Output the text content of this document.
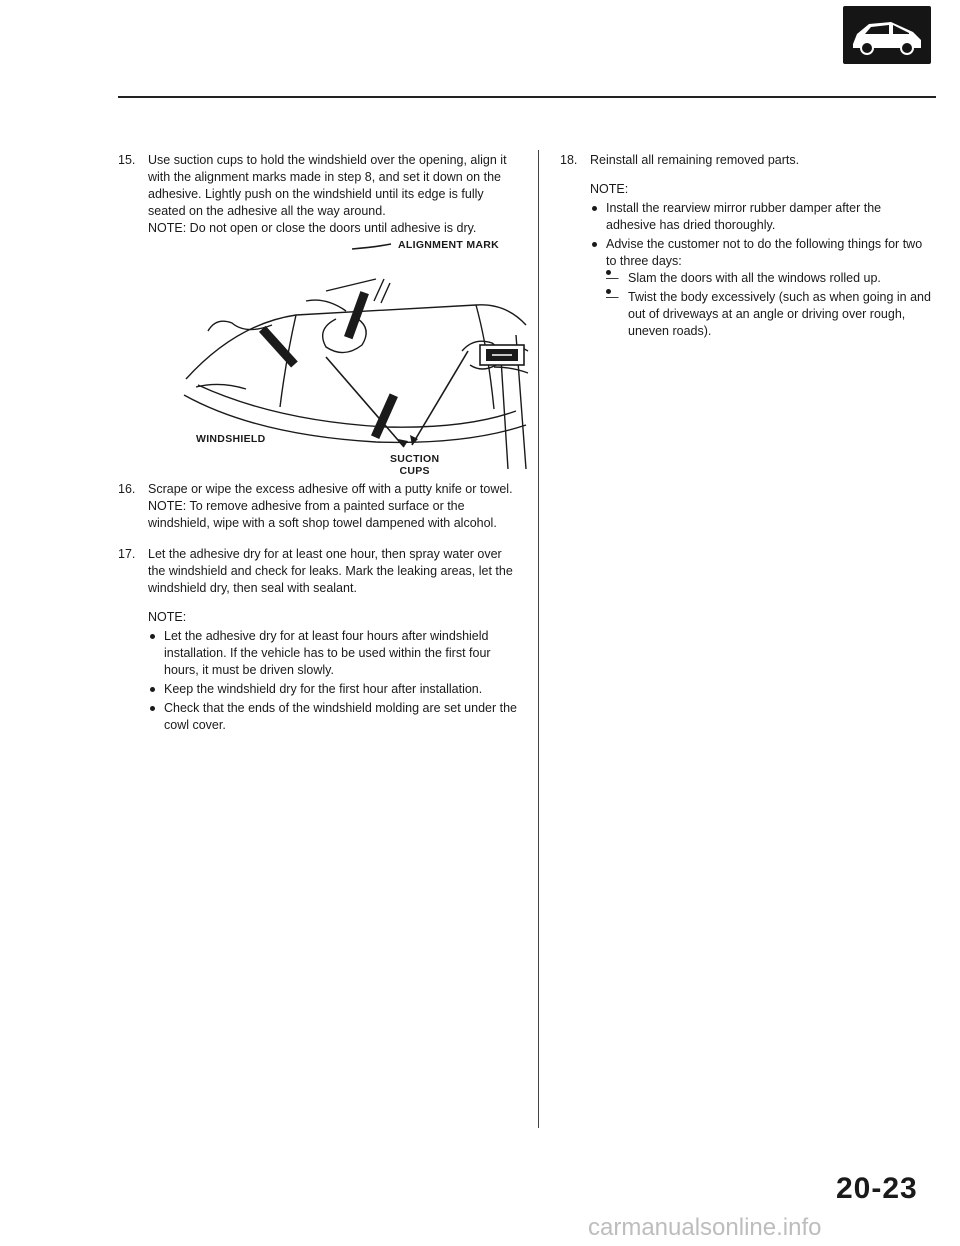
15. Use suction cups to hold the windshield over the opening, align it with the alignment marks made in step 8, and set it down on the adhesive. Lightly push on the windshield until its edge is fully seated on the adhesive all the way around.

NOTE: Do not open or close the doors until adhesive is dry.

ALIGNMENT MARK
WINDSHIELD
SUCTION
CUPS
16. Scrape or wipe the excess adhesive off with a putty knife or towel.

NOTE: To remove adhesive from a painted surface or the windshield, wipe with a soft shop towel dampened with alcohol.

17. Let the adhesive dry for at least one hour, then spray water over the windshield and check for leaks. Mark the leaking areas, let the windshield dry, then seal with sealant.

NOTE:
Let the adhesive dry for at least four hours after windshield installation. If the vehicle has to be used within the first four hours, it must be driven slowly.
Keep the windshield dry for the first hour after installation.
Check that the ends of the windshield molding are set under the cowl cover.
18. Reinstall all remaining removed parts.

NOTE:
Install the rearview mirror rubber damper after the adhesive has dried thoroughly.
Advise the customer not to do the following things for two to three days:
— Slam the doors with all the windows rolled up.
— Twist the body excessively (such as when going in and out of driveways at an angle or driving over rough, uneven roads).
20-23
carmanualsonline.info
